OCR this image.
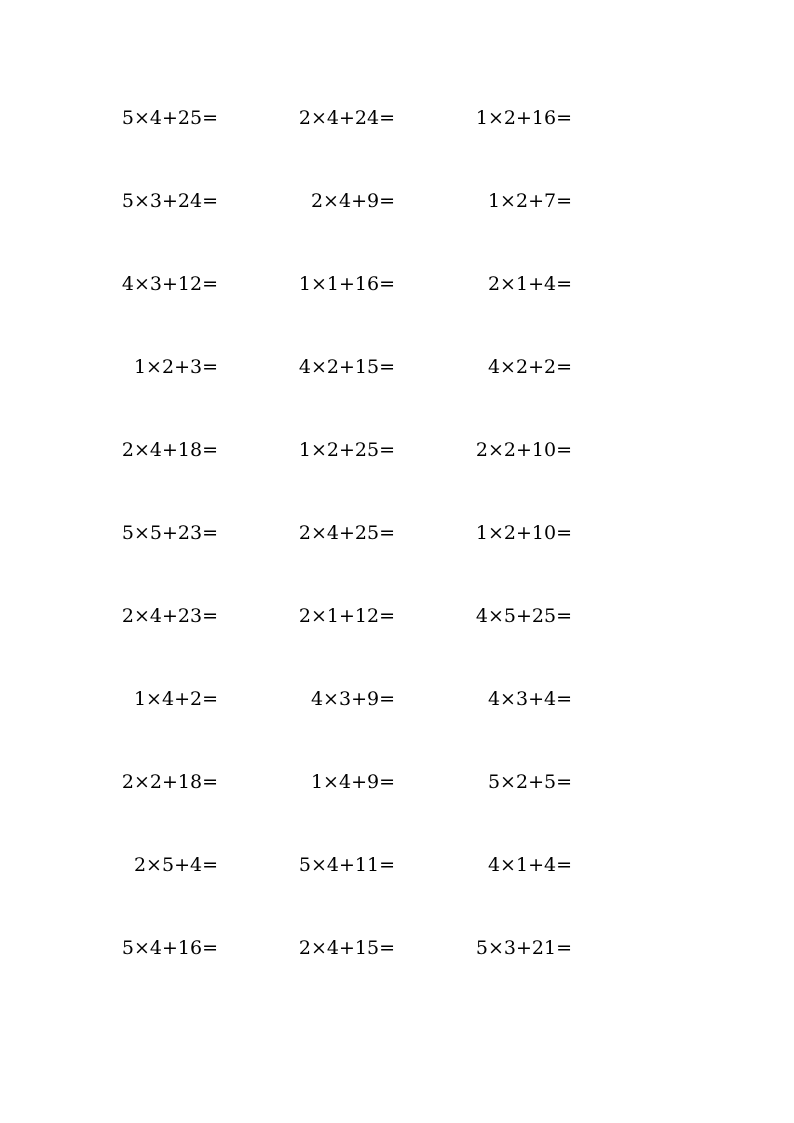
5×4+25=	2×4+24=	1×2+16=
5×3+24=	2×4+9=	1×2+7=
4×3+12=	1×1+16=	2×1+4=
1×2+3=	4×2+15=	4×2+2=
2×4+18=	1×2+25=	2×2+10=
5×5+23=	2×4+25=	1×2+10=
2×4+23=	2×1+12=	4×5+25=
1×4+2=	4×3+9=	4×3+4=
2×2+18=	1×4+9=	5×2+5=
2×5+4=	5×4+11=	4×1+4=
5×4+16=	2×4+15=	5×3+21=
